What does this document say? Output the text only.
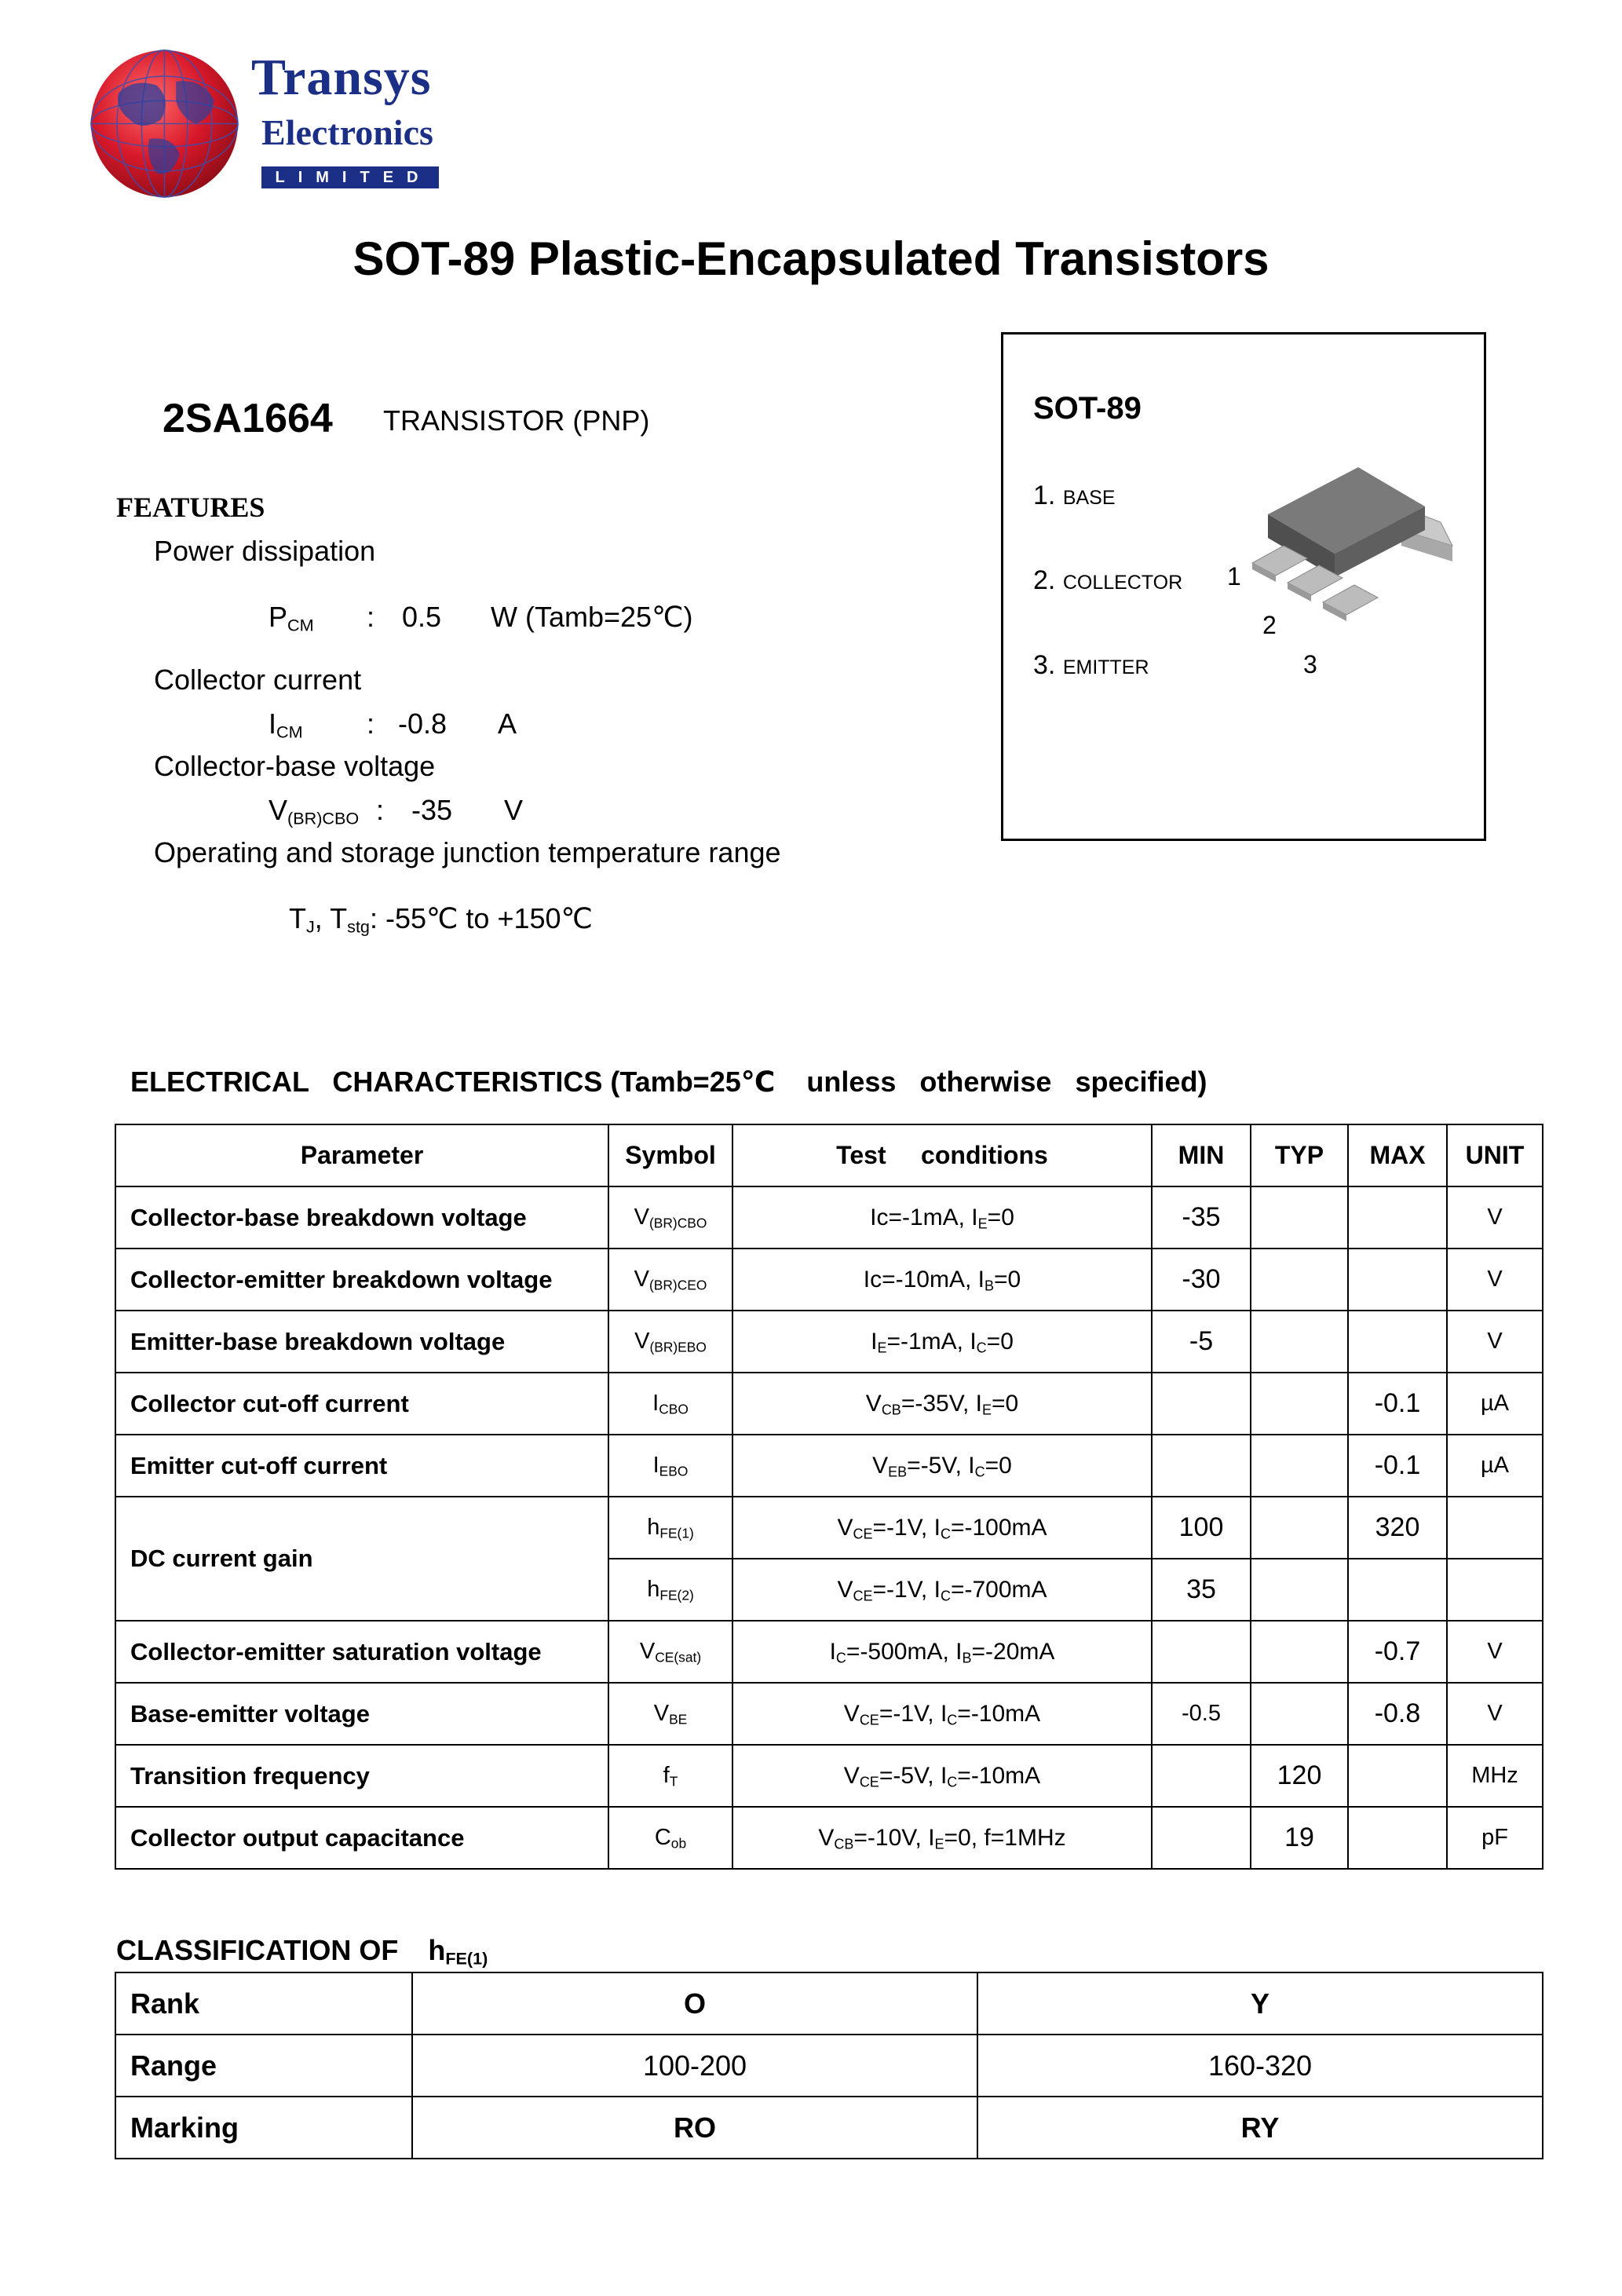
Transys
Electronics
LIMITED
SOT-89 Plastic-Encapsulated Transistors
2SA1664 TRANSISTOR (PNP)	SOT-89
1. BASE
2. COLLECTOR
3. EMITTER
1
2
3
FEATURES
Power dissipation
$P_{CM}$ : 0.5 W (Tamb=25℃)
Collector current
$I_{CM}$ : -0.8 A
Collector-base voltage
$V_{(BR)CBO}$ : -35 V
Operating and storage junction temperature range
$T_J$, $T_{stg}$: -55℃ to +150℃
ELECTRICAL   CHARACTERISTICS (Tamb=25℃    unless   otherwise   specified)
Parameter	Symbol	Test     conditions	MIN	TYP	MAX	UNIT
Collector-base breakdown voltage	$V_{(BR)CBO}$	Ic=-1mA, $I_E=0$	-35			V
Collector-emitter breakdown voltage	$V_{(BR)CEO}$	Ic=-10mA, $I_B=0$	-30			V
Emitter-base breakdown voltage	$V_{(BR)EBO}$	$I_E=-1mA$, $I_C=0$	-5			V
Collector cut-off current	$I_{CBO}$	$V_{CB}=-35V$, $I_E=0$			-0.1	µA
Emitter cut-off current	$I_{EBO}$	$V_{EB}=-5V$, $I_C=0$			-0.1	µA
DC current gain	$h_{FE(1)}$	$V_{CE}=-1V$, $I_C=-100mA$	100		320	
	$h_{FE(2)}$	$V_{CE}=-1V$, $I_C=-700mA$	35			
Collector-emitter saturation voltage	$V_{CE(sat)}$	$I_C=-500mA$, $I_B=-20mA$			-0.7	V
Base-emitter voltage	$V_{BE}$	$V_{CE}=-1V$, $I_C=-10mA$	-0.5		-0.8	V
Transition frequency	$f_T$	$V_{CE}=-5V$, $I_C=-10mA$		120		MHz
Collector output capacitance	$C_{ob}$	$V_{CB}=-10V$, $I_E=0$, f=1MHz		19		pF
CLASSIFICATION OF $h_{FE(1)}$
Rank	O	Y
Range	100-200	160-320
Marking	RO	RY
